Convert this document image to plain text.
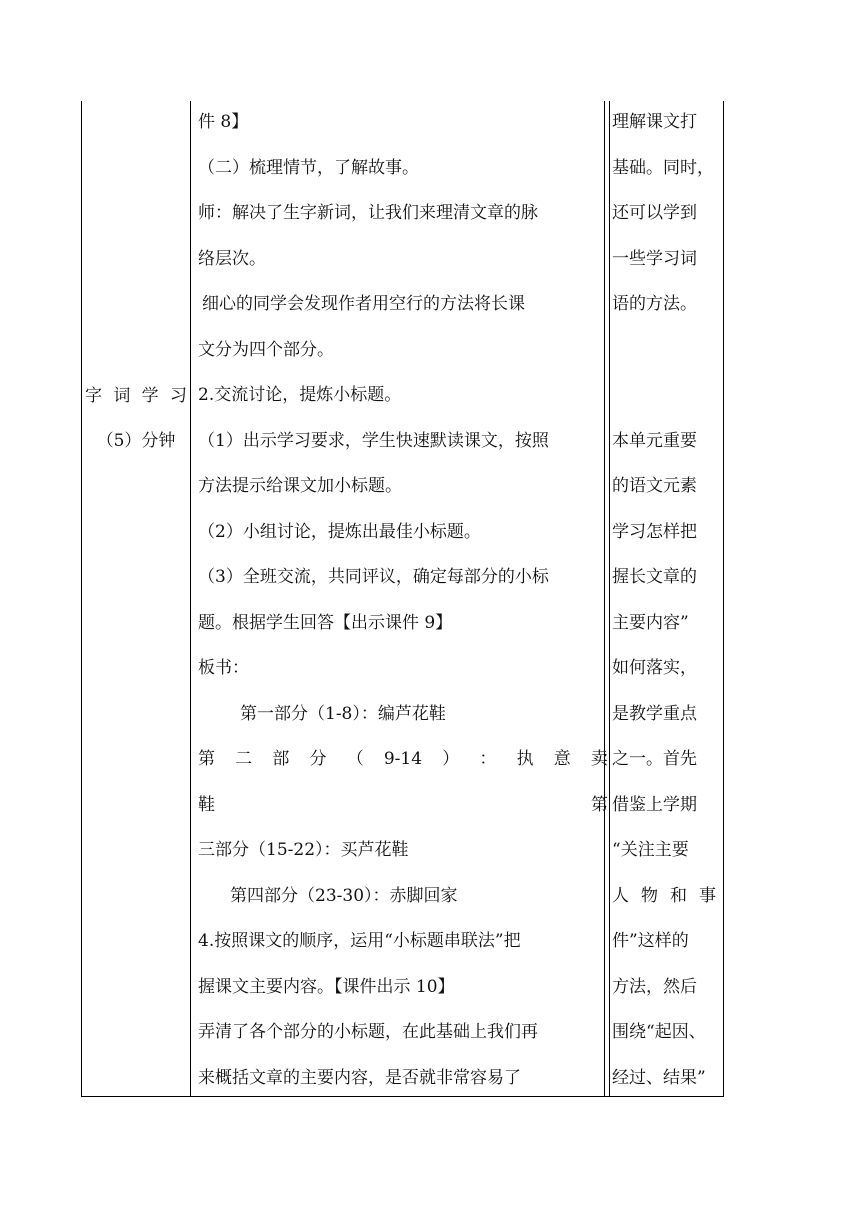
字 词 学 习
（5）分钟
件 8】
（二）梳理情节，了解故事。
师：解决了生字新词，让我们来理清文章的脉
络层次。
细心的同学会发现作者用空行的方法将长课
文分为四个部分。
2.交流讨论，提炼小标题。
（1）出示学习要求，学生快速默读课文，按照
方法提示给课文加小标题。
（2）小组讨论，提炼出最佳小标题。
（3）全班交流，共同评议，确定每部分的小标
题。根据学生回答【出示课件 9】
板书：
第一部分（1-8）：编芦花鞋
第 二 部 分 （ 9-14 ） ： 执 意 卖
鞋	第
三部分（15-22）：买芦花鞋
第四部分（23-30）：赤脚回家
4.按照课文的顺序，运用“小标题串联法”把
握课文主要内容。【课件出示 10】
弄清了各个部分的小标题，在此基础上我们再
来概括文章的主要内容，是否就非常容易了
理解课文打
基础。同时，
还可以学到
一些学习词
语的方法。
本单元重要
的语文元素
学习怎样把
握长文章的
主要内容”
如何落实，
是教学重点
之一。首先
借鉴上学期
“关注主要
人 物 和 事
件”这样的
方法，然后
围绕“起因、
经过、结果”
